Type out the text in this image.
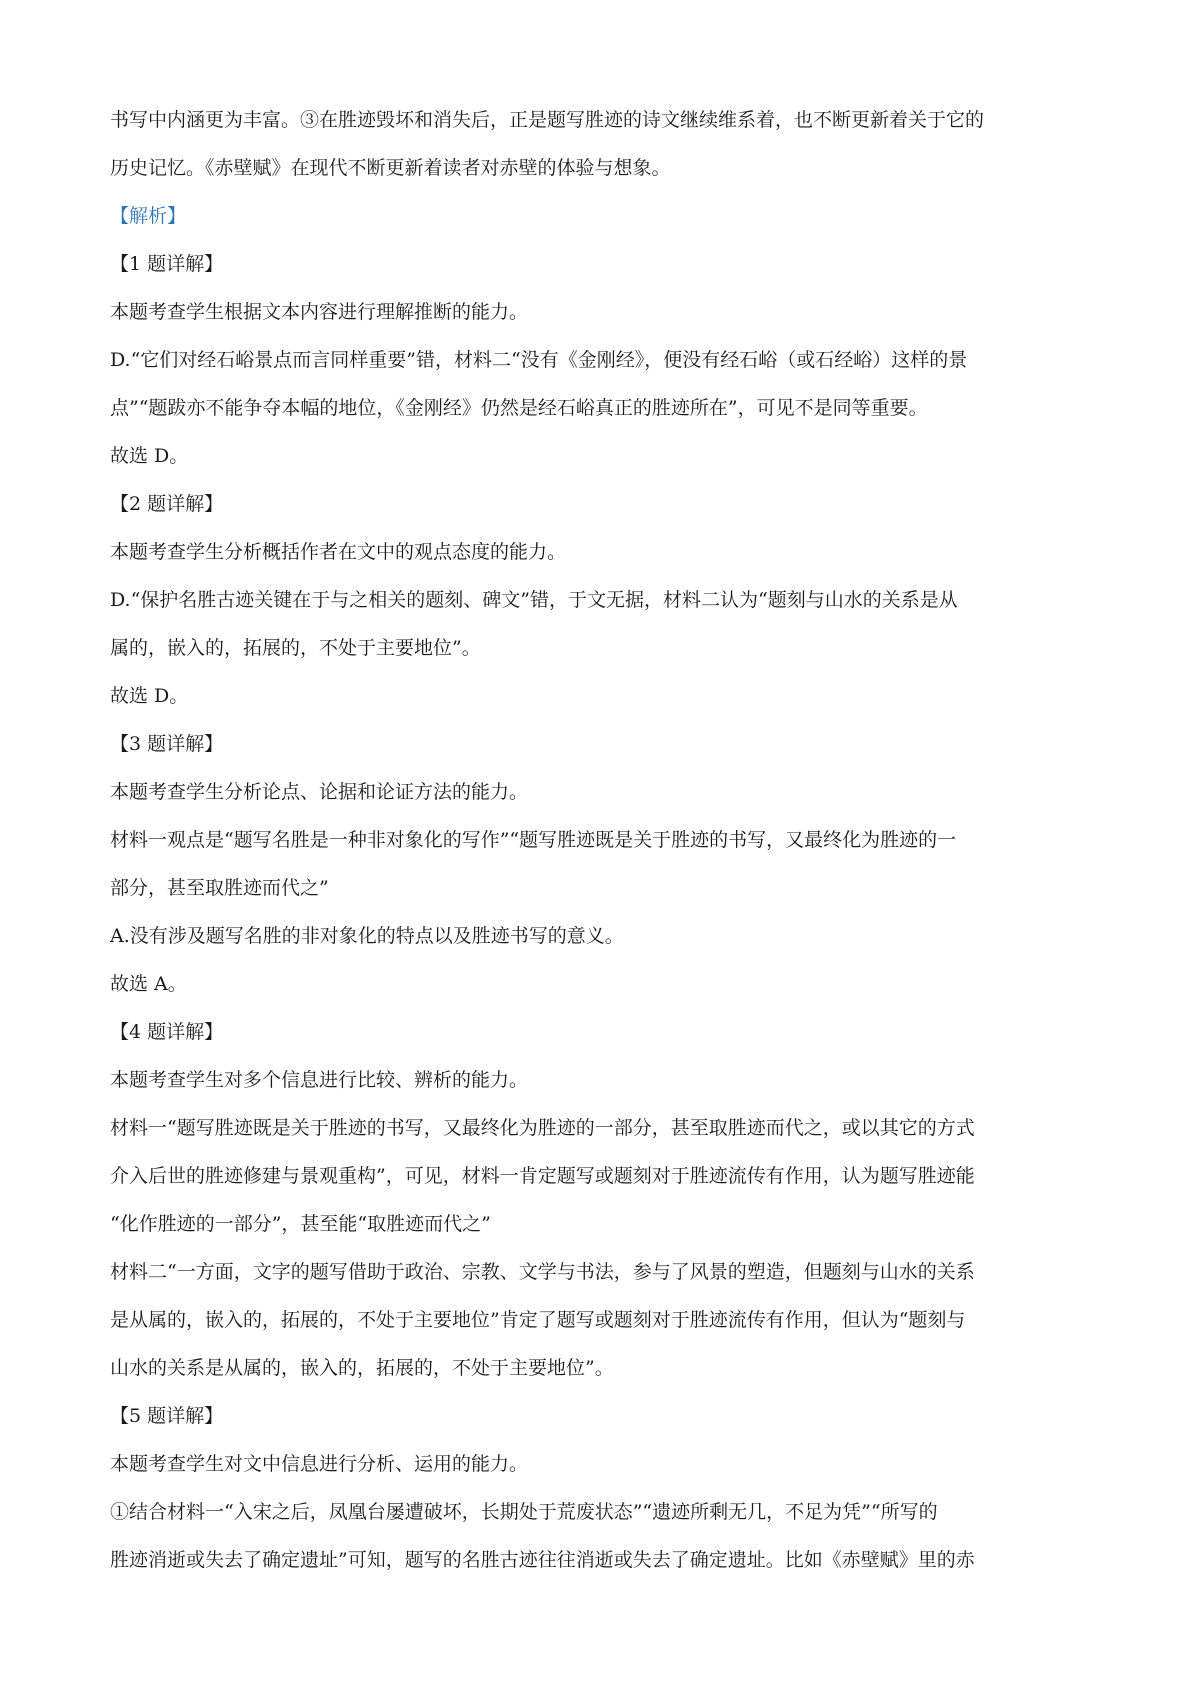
书写中内涵更为丰富。③在胜迹毁坏和消失后，正是题写胜迹的诗文继续维系着，也不断更新着关于它的

历史记忆。《赤壁赋》在现代不断更新着读者对赤壁的体验与想象。

【解析】

【1 题详解】

本题考查学生根据文本内容进行理解推断的能力。

D.“它们对经石峪景点而言同样重要”错，材料二“没有《金刚经》，便没有经石峪（或石经峪）这样的景

点”“题跋亦不能争夺本幅的地位，《金刚经》仍然是经石峪真正的胜迹所在”，可见不是同等重要。

故选 D。

【2 题详解】

本题考查学生分析概括作者在文中的观点态度的能力。

D.“保护名胜古迹关键在于与之相关的题刻、碑文”错，于文无据，材料二认为“题刻与山水的关系是从

属的，嵌入的，拓展的，不处于主要地位”。

故选 D。

【3 题详解】

本题考查学生分析论点、论据和论证方法的能力。

材料一观点是“题写名胜是一种非对象化的写作”“题写胜迹既是关于胜迹的书写，又最终化为胜迹的一

部分，甚至取胜迹而代之”

A.没有涉及题写名胜的非对象化的特点以及胜迹书写的意义。

故选 A。

【4 题详解】

本题考查学生对多个信息进行比较、辨析的能力。

材料一“题写胜迹既是关于胜迹的书写，又最终化为胜迹的一部分，甚至取胜迹而代之，或以其它的方式

介入后世的胜迹修建与景观重构”，可见，材料一肯定题写或题刻对于胜迹流传有作用，认为题写胜迹能

“化作胜迹的一部分”，甚至能“取胜迹而代之”

材料二“一方面，文字的题写借助于政治、宗教、文学与书法，参与了风景的塑造，但题刻与山水的关系

是从属的，嵌入的，拓展的，不处于主要地位”肯定了题写或题刻对于胜迹流传有作用，但认为“题刻与

山水的关系是从属的，嵌入的，拓展的，不处于主要地位”。

【5 题详解】

本题考查学生对文中信息进行分析、运用的能力。

①结合材料一“入宋之后，凤凰台屡遭破坏，长期处于荒废状态”“遗迹所剩无几，不足为凭”“所写的

胜迹消逝或失去了确定遗址”可知，题写的名胜古迹往往消逝或失去了确定遗址。比如《赤壁赋》里的赤
